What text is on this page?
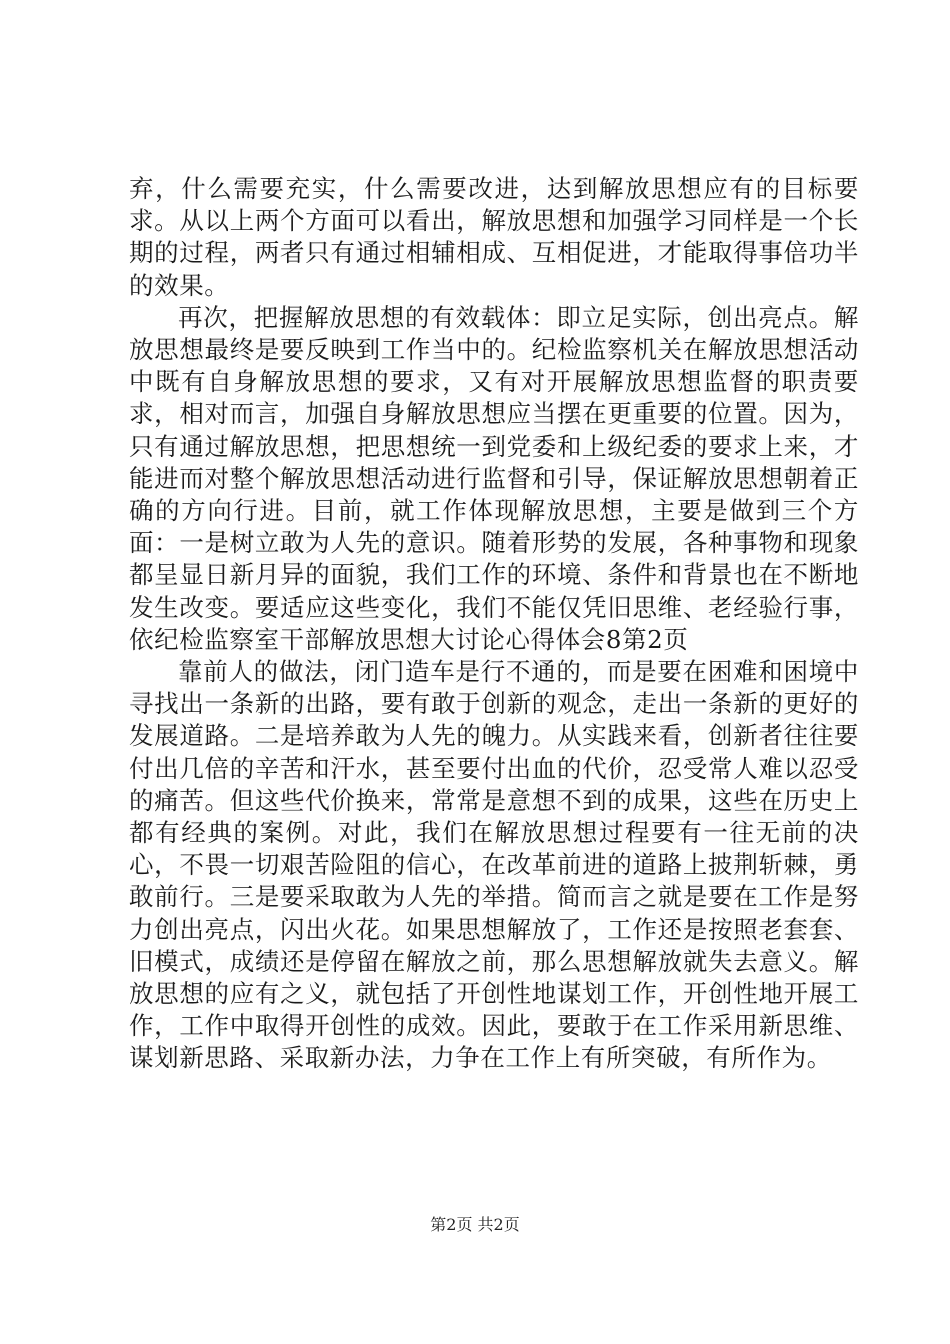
弃，什么需要充实，什么需要改进，达到解放思想应有的目标要求。从以上两个方面可以看出，解放思想和加强学习同样是一个长期的过程，两者只有通过相辅相成、互相促进，才能取得事倍功半的效果。

再次，把握解放思想的有效载体：即立足实际，创出亮点。解放思想最终是要反映到工作当中的。纪检监察机关在解放思想活动中既有自身解放思想的要求，又有对开展解放思想监督的职责要求，相对而言，加强自身解放思想应当摆在更重要的位置。因为，只有通过解放思想，把思想统一到党委和上级纪委的要求上来，才能进而对整个解放思想活动进行监督和引导，保证解放思想朝着正确的方向行进。目前，就工作体现解放思想，主要是做到三个方面：一是树立敢为人先的意识。随着形势的发展，各种事物和现象都呈显日新月异的面貌，我们工作的环境、条件和背景也在不断地发生改变。要适应这些变化，我们不能仅凭旧思维、老经验行事，依纪检监察室干部解放思想大讨论心得体会8第2页

靠前人的做法，闭门造车是行不通的，而是要在困难和困境中寻找出一条新的出路，要有敢于创新的观念，走出一条新的更好的发展道路。二是培养敢为人先的魄力。从实践来看，创新者往往要付出几倍的辛苦和汗水，甚至要付出血的代价，忍受常人难以忍受的痛苦。但这些代价换来，常常是意想不到的成果，这些在历史上都有经典的案例。对此，我们在解放思想过程要有一往无前的决心，不畏一切艰苦险阻的信心，在改革前进的道路上披荆斩棘，勇敢前行。三是要采取敢为人先的举措。简而言之就是要在工作是努力创出亮点，闪出火花。如果思想解放了，工作还是按照老套套、旧模式，成绩还是停留在解放之前，那么思想解放就失去意义。解放思想的应有之义，就包括了开创性地谋划工作，开创性地开展工作，工作中取得开创性的成效。因此，要敢于在工作采用新思维、谋划新思路、采取新办法，力争在工作上有所突破，有所作为。

第2页 共2页
